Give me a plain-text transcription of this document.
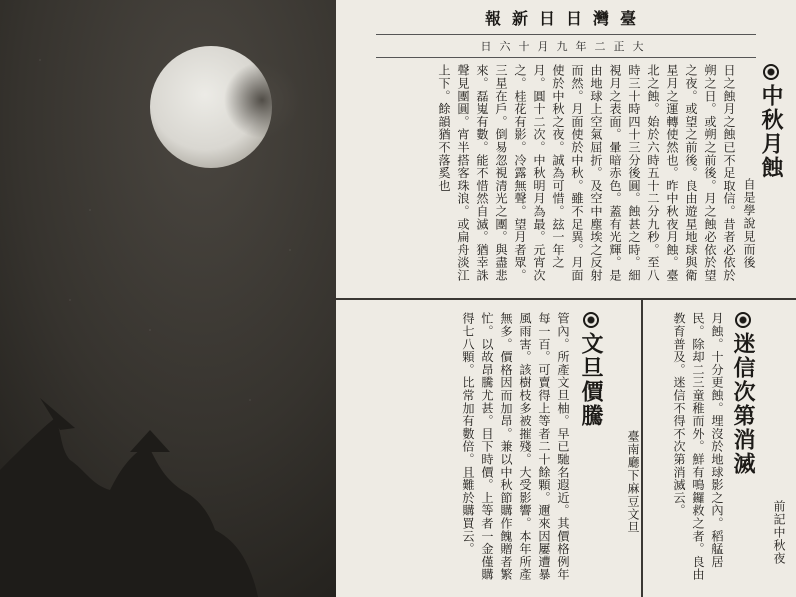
報新日日灣臺
日六十月九年二正大
中秋月蝕
自是學說見而後
日之蝕月之蝕已不足取信。昔者必依於朔之日。或朔之前後。月之蝕必依於望之夜。或望之前後。良由遊星地球與衛星月之運轉使然也。昨中秋夜月蝕。臺北之蝕。始於六時五十二分九秒。至八時三十時四十三分後圓。蝕甚之時。細視月之表面。暈暗赤色。蓋有光輝。是由地球上空氣屈折。及空中塵埃之反射而然。月面使於中秋。雖不足異。月面使於中秋之夜。誠為可惜。玆一年之月。圓十二次。中秋明月為最。元宵次之。桂花有影。冷露無聲。望月者眾。三星在戶。倒易忽視清光之團。與盡悲來。磊嵬有數。能不惜然自滅。猶幸誅聲見團圓。宵半搭客珠浪。或扁舟淡江上下。餘韻猶不落奚也
迷信次第消滅
前記中秋夜
月蝕。十分更蝕。埋沒於地球影之內。稻艋居民。除却二三童稚而外。鮮有鳴鑼救之者。良由教育普及。迷信不得不次第消滅云。
文旦價騰
臺南廳下麻豆文旦
管內。所產文旦柚。早已馳名遐近。其價格例年每一百。可賣得上等者二十餘顆。邇來因屢遭暴風雨害。該樹枝多被摧殘。大受影響。本年所產無多。價格因而加昂。兼以中秋節購作餽贈者繁忙。以故昂騰尤甚。目下時價。上等者一金僅購得七八顆。比常加有數倍。且難於購買云。
